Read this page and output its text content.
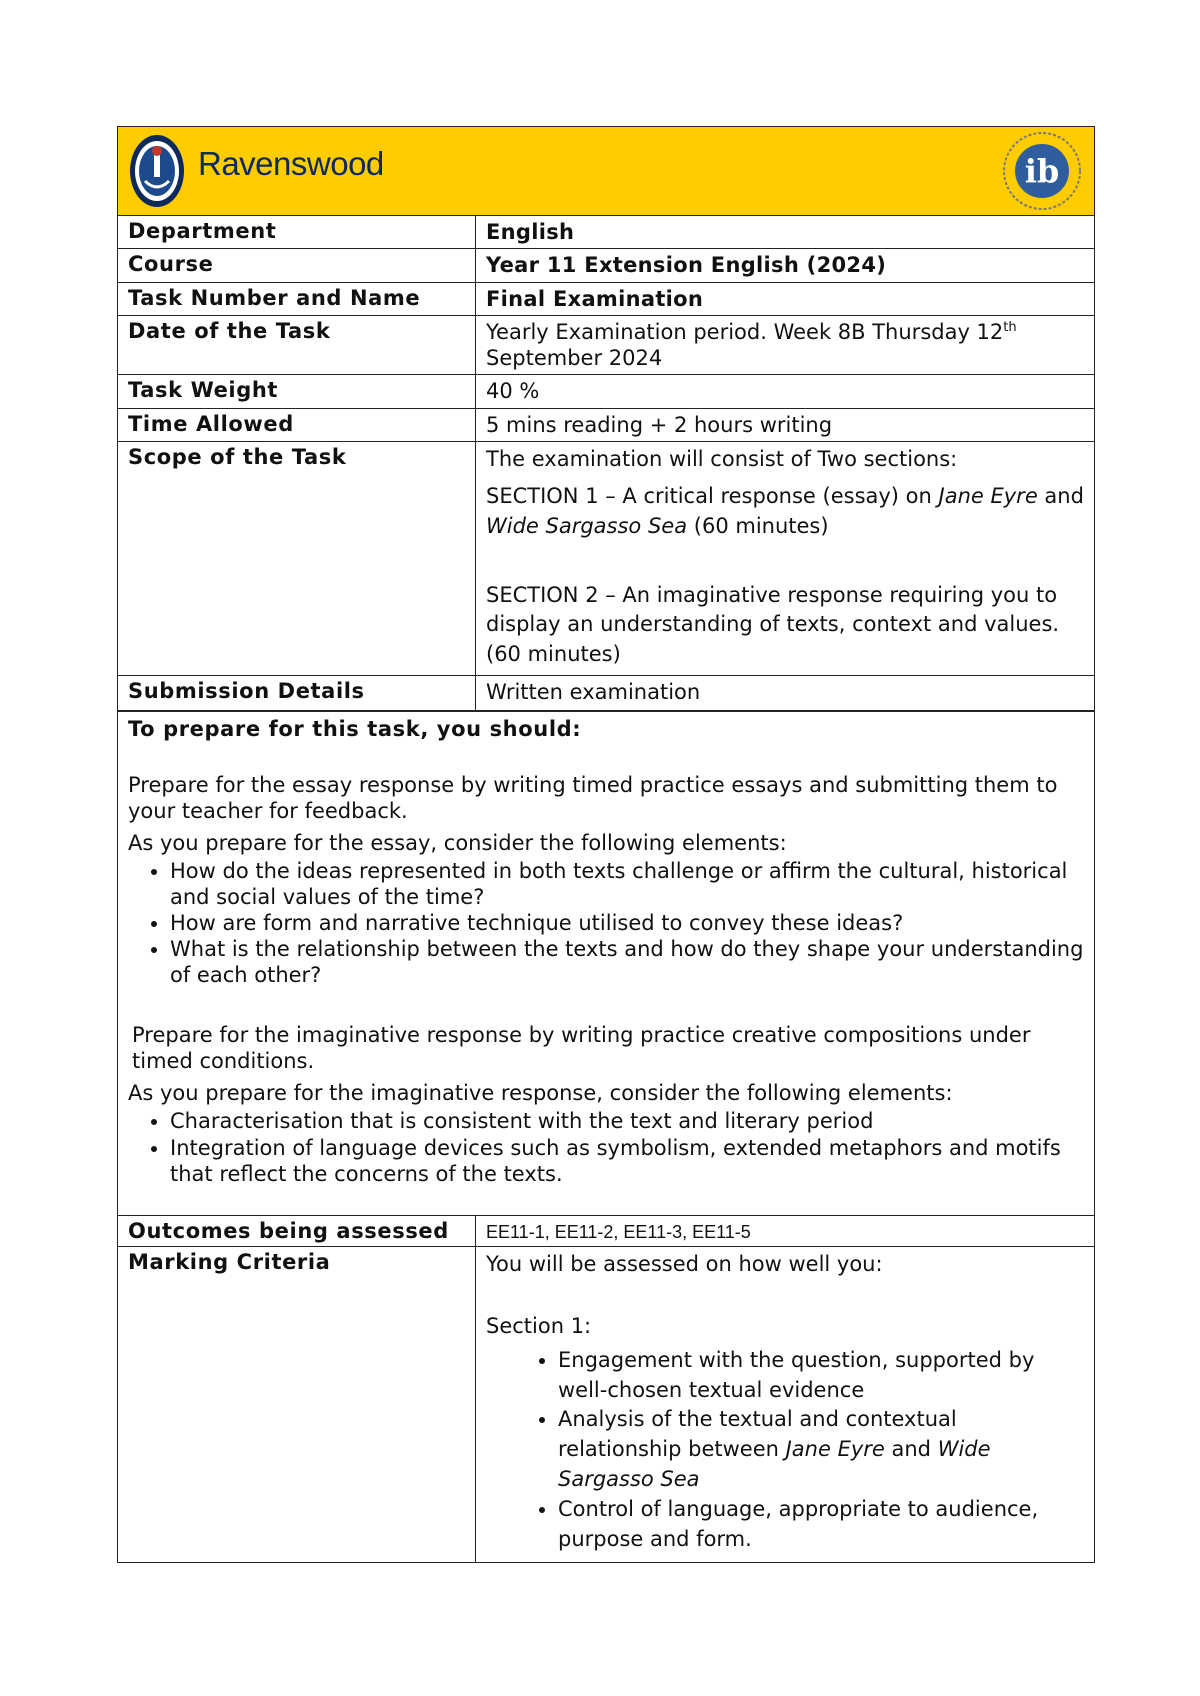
Ravenswood	ib
Department	English
Course	Year 11 Extension English (2024)
Task Number and Name	Final Examination
Date of the Task	Yearly Examination period. Week 8B Thursday 12th
September 2024
Task Weight	40 %
Time Allowed	5 mins reading + 2 hours writing
Scope of the Task	The examination will consist of Two sections:

SECTION 1 – A critical response (essay) on Jane Eyre and Wide Sargasso Sea (60 minutes)

SECTION 2 – An imaginative response requiring you to display an understanding of texts, context and values. (60 minutes)

Submission Details	Written examination

To prepare for this task, you should:

Prepare for the essay response by writing timed practice essays and submitting them to your teacher for feedback.

As you prepare for the essay, consider the following elements:

• How do the ideas represented in both texts challenge or affirm the cultural, historical and social values of the time?
• How are form and narrative technique utilised to convey these ideas?
• What is the relationship between the texts and how do they shape your understanding of each other?

Prepare for the imaginative response by writing practice creative compositions under timed conditions.

As you prepare for the imaginative response, consider the following elements:

• Characterisation that is consistent with the text and literary period
• Integration of language devices such as symbolism, extended metaphors and motifs that reflect the concerns of the texts.
Outcomes being assessed	EE11-1, EE11-2, EE11-3, EE11-5
Marking Criteria	You will be assessed on how well you:

Section 1:

• Engagement with the question, supported by well-chosen textual evidence
• Analysis of the textual and contextual relationship between Jane Eyre and Wide Sargasso Sea
• Control of language, appropriate to audience, purpose and form.
